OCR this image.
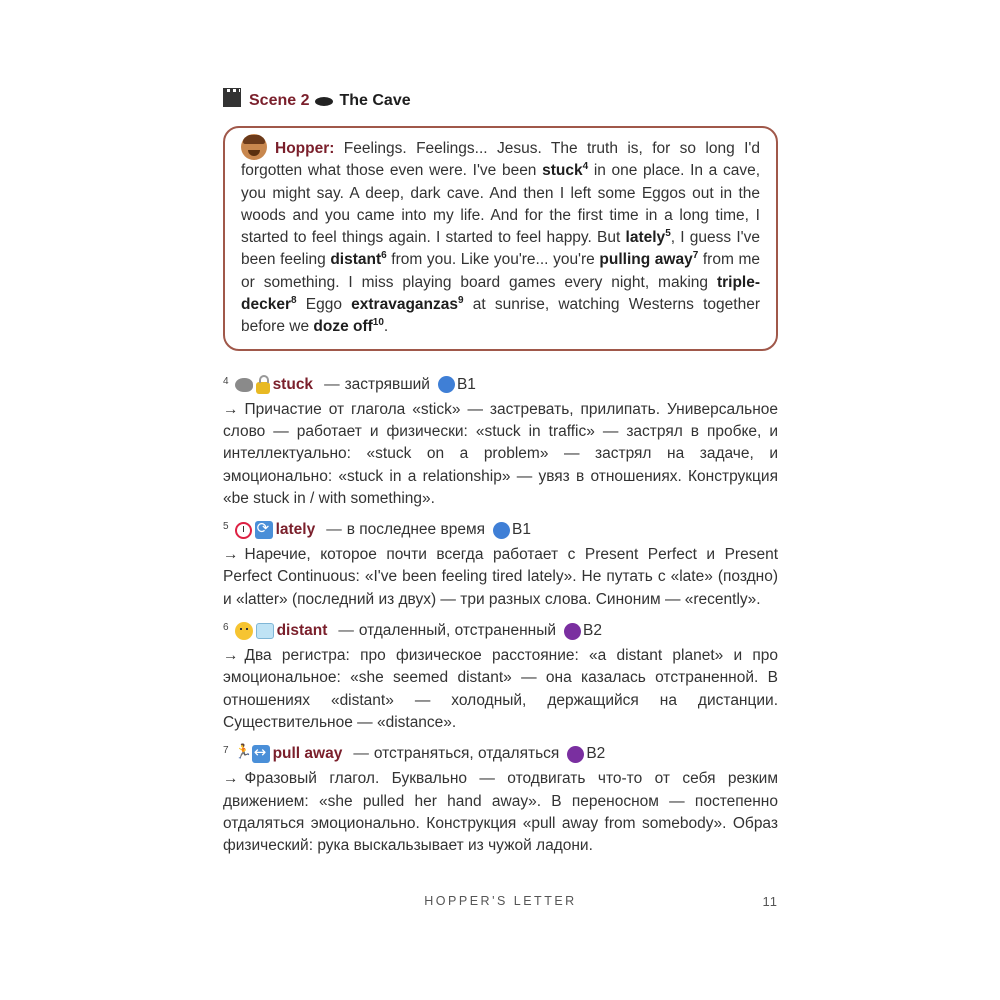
Scene 2 The Cave
Hopper: Feelings. Feelings... Jesus. The truth is, for so long I'd forgotten what those even were. I've been stuck$^4$ in one place. In a cave, you might say. A deep, dark cave. And then I left some Eggos out in the woods and you came into my life. And for the first time in a long time, I started to feel things again. I started to feel happy. But lately$^5$, I guess I've been feeling distant$^6$ from you. Like you're... you're pulling away$^7$ from me or something. I miss playing board games every night, making triple-decker$^8$ Eggo extravaganzas$^9$ at sunrise, watching Westerns together before we doze off$^{10}$.
4	stuck — застрявший B1
→ Причастие от глагола «stick» — застревать, прилипать. Универсальное слово — работает и физически: «stuck in traffic» — застрял в пробке, и интеллектуально: «stuck on a problem» — застрял на задаче, и эмоционально: «stuck in a relationship» — увяз в отношениях. Конструкция «be stuck in / with something».
5 ⟳	lately — в последнее время B1
→ Наречие, которое почти всегда работает с Present Perfect и Present Perfect Continuous: «I've been feeling tired lately». Не путать с «late» (поздно) и «latter» (последний из двух) — три разных слова. Синоним — «recently».
6	distant — отдаленный, отстраненный B2
→ Два регистра: про физическое расстояние: «a distant planet» и про эмоциональное: «she seemed distant» — она казалась отстраненной. В отношениях «distant» — холодный, держащийся на дистанции. Существительное — «distance».
7 🏃 ↔	pull away — отстраняться, отдаляться B2
→ Фразовый глагол. Буквально — отодвигать что-то от себя резким движением: «she pulled her hand away». В переносном — постепенно отдаляться эмоционально. Конструкция «pull away from somebody». Образ физический: рука выскальзывает из чужой ладони.
HOPPER'S LETTER	11
